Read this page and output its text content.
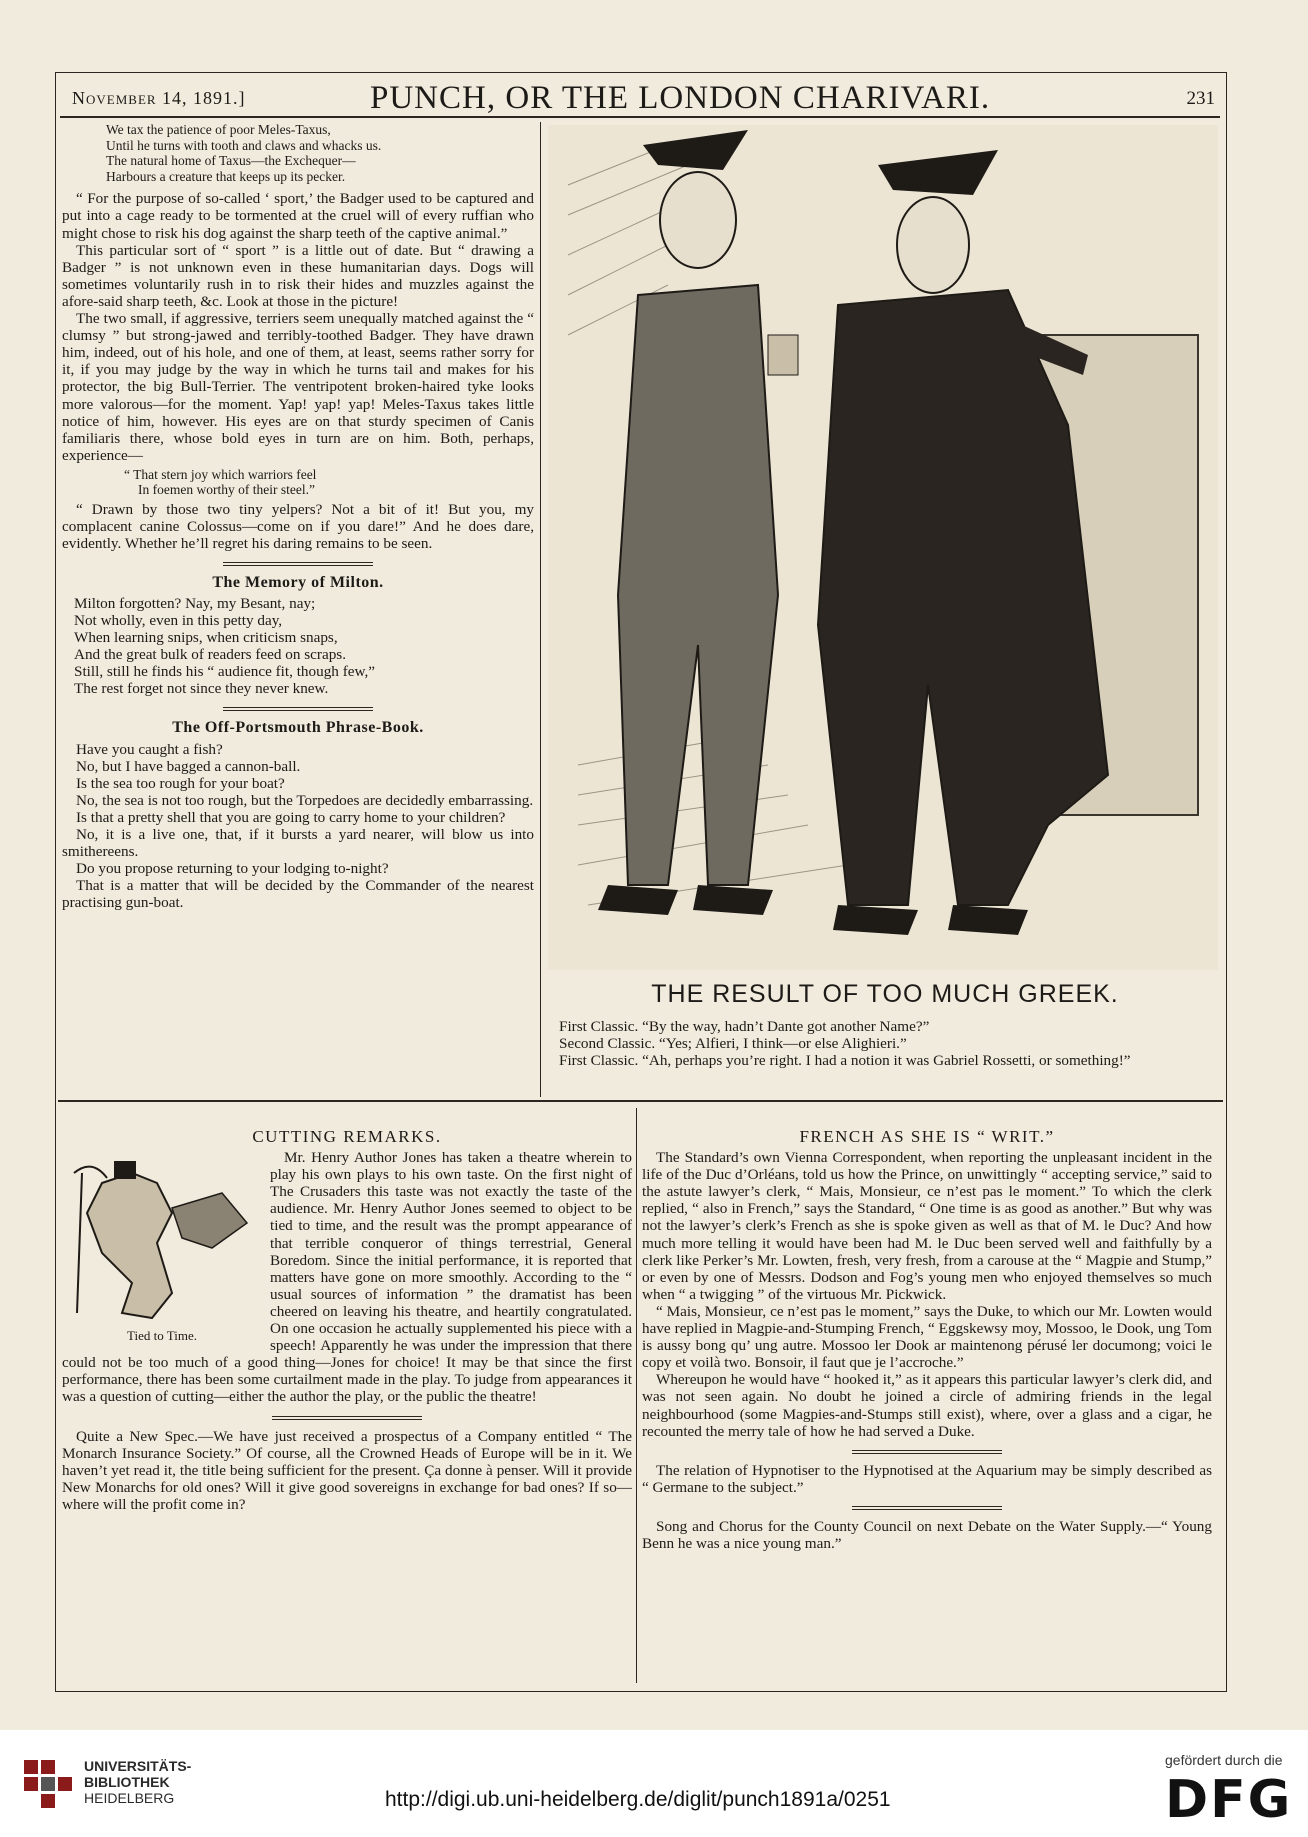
November 14, 1891.]	PUNCH, OR THE LONDON CHARIVARI.	231
We tax the patience of poor Meles-Taxus,
Until he turns with tooth and claws and whacks us.
The natural home of Taxus—the Exchequer—
Harbours a creature that keeps up its pecker.

“ For the purpose of so-called ‘ sport,’ the Badger used to be captured and put into a cage ready to be tormented at the cruel will of every ruffian who might chose to risk his dog against the sharp teeth of the captive animal.”

This particular sort of “ sport ” is a little out of date. But “ drawing a Badger ” is not unknown even in these humanitarian days. Dogs will sometimes voluntarily rush in to risk their hides and muzzles against the afore-said sharp teeth, &c. Look at those in the picture!

The two small, if aggressive, terriers seem unequally matched against the “ clumsy ” but strong-jawed and terribly-toothed Badger. They have drawn him, indeed, out of his hole, and one of them, at least, seems rather sorry for it, if you may judge by the way in which he turns tail and makes for his protector, the big Bull-Terrier. The ventripotent broken-haired tyke looks more valorous—for the moment. Yap! yap! yap! Meles-Taxus takes little notice of him, however. His eyes are on that sturdy specimen of Canis familiaris there, whose bold eyes in turn are on him. Both, perhaps, experience—

“ That stern joy which warriors feel
In foemen worthy of their steel.”

“ Drawn by those two tiny yelpers? Not a bit of it! But you, my complacent canine Colossus—come on if you dare!” And he does dare, evidently. Whether he’ll regret his daring remains to be seen.

The Memory of Milton.
Milton forgotten? Nay, my Besant, nay;
Not wholly, even in this petty day,
When learning snips, when criticism snaps,
And the great bulk of readers feed on scraps.
Still, still he finds his “ audience fit, though few,”
The rest forget not since they never knew.
The Off-Portsmouth Phrase-Book.

Have you caught a fish?

No, but I have bagged a cannon-ball.

Is the sea too rough for your boat?

No, the sea is not too rough, but the Torpedoes are decidedly embarrassing.

Is that a pretty shell that you are going to carry home to your children?

No, it is a live one, that, if it bursts a yard nearer, will blow us into smithereens.

Do you propose returning to your lodging to-night?

That is a matter that will be decided by the Commander of the nearest practising gun-boat.

THE RESULT OF TOO MUCH GREEK.
First Classic. “By the way, hadn’t Dante got another Name?”
Second Classic. “Yes; Alfieri, I think—or else Alighieri.”
First Classic. “Ah, perhaps you’re right. I had a notion it was Gabriel Rossetti, or something!”
CUTTING REMARKS.
Tied to Time.

Mr. Henry Author Jones has taken a theatre wherein to play his own plays to his own taste. On the first night of The Crusaders this taste was not exactly the taste of the audience. Mr. Henry Author Jones seemed to object to be tied to time, and the result was the prompt appearance of that terrible conqueror of things terrestrial, General Boredom. Since the initial performance, it is reported that matters have gone on more smoothly. According to the “ usual sources of information ” the dramatist has been cheered on leaving his theatre, and heartily congratulated. On one occasion he actually supplemented his piece with a speech! Apparently he was under the impression that there could not be too much of a good thing—Jones for choice! It may be that since the first performance, there has been some curtailment made in the play. To judge from appearances it was a question of cutting—either the author the play, or the public the theatre!

Quite a New Spec.—We have just received a prospectus of a Company entitled “ The Monarch Insurance Society.” Of course, all the Crowned Heads of Europe will be in it. We haven’t yet read it, the title being sufficient for the present. Ça donne à penser. Will it provide New Monarchs for old ones? Will it give good sovereigns in exchange for bad ones? If so—where will the profit come in?

FRENCH AS SHE IS “ WRIT.”

The Standard’s own Vienna Correspondent, when reporting the unpleasant incident in the life of the Duc d’Orléans, told us how the Prince, on unwittingly “ accepting service,” said to the astute lawyer’s clerk, “ Mais, Monsieur, ce n’est pas le moment.” To which the clerk replied, “ also in French,” says the Standard, “ One time is as good as another.” But why was not the lawyer’s clerk’s French as she is spoke given as well as that of M. le Duc? And how much more telling it would have been had M. le Duc been served well and faithfully by a clerk like Perker’s Mr. Lowten, fresh, very fresh, from a carouse at the “ Magpie and Stump,” or even by one of Messrs. Dodson and Fog’s young men who enjoyed themselves so much when “ a twigging ” of the virtuous Mr. Pickwick.

“ Mais, Monsieur, ce n’est pas le moment,” says the Duke, to which our Mr. Lowten would have replied in Magpie-and-Stumping French, “ Eggskewsy moy, Mossoo, le Dook, ung Tom is aussy bong qu’ ung autre. Mossoo ler Dook ar maintenong pérusé ler documong; voici le copy et voilà two. Bonsoir, il faut que je l’accroche.”

Whereupon he would have “ hooked it,” as it appears this particular lawyer’s clerk did, and was not seen again. No doubt he joined a circle of admiring friends in the legal neighbourhood (some Magpies-and-Stumps still exist), where, over a glass and a cigar, he recounted the merry tale of how he had served a Duke.

The relation of Hypnotiser to the Hypnotised at the Aquarium may be simply described as “ Germane to the subject.”

Song and Chorus for the County Council on next Debate on the Water Supply.—“ Young Benn he was a nice young man.”

UNIVERSITÄTS-
BIBLIOTHEK
HEIDELBERG	http://digi.ub.uni-heidelberg.de/diglit/punch1891a/0251
gefördert durch die
DFG
